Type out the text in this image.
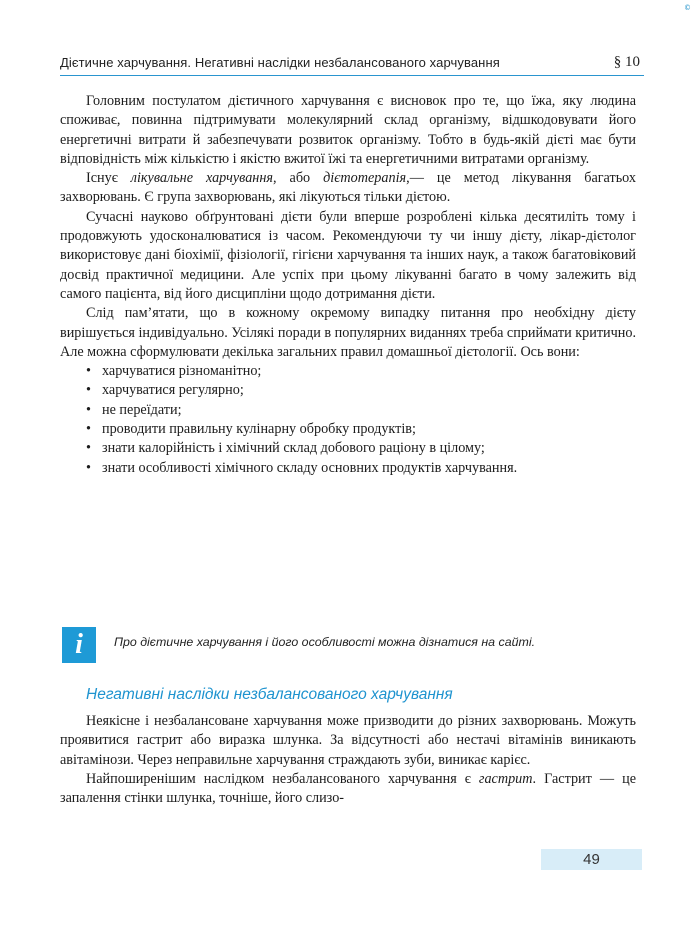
©
Дієтичне харчування. Негативні наслідки незбалансованого харчування	§ 10

Головним постулатом дієтичного харчування є висновок про те, що їжа, яку людина споживає, повинна підтримувати молекулярний склад організму, відшкодовувати його енергетичні витрати й забезпечувати розвиток організму. Тобто в будь-якій дієті має бути відповідність між кількістю і якістю вжитої їжі та енергетичними витратами організму.

Існує лікувальне харчування, або дієтотерапія,— це метод лікування багатьох захворювань. Є група захворювань, які лікуються тільки дієтою.

Сучасні науково обґрунтовані дієти були вперше розроблені кілька десятиліть тому і продовжують удосконалюватися із часом. Рекомендуючи ту чи іншу дієту, лікар-дієтолог використовує дані біохімії, фізіології, гігієни харчування та інших наук, а також багатовіковий досвід практичної медицини. Але успіх при цьому лікуванні багато в чому залежить від самого пацієнта, від його дисципліни щодо дотримання дієти.

Слід пам’ятати, що в кожному окремому випадку питання про необхідну дієту вирішується індивідуально. Усілякі поради в популярних виданнях треба сприймати критично. Але можна сформулювати декілька загальних правил домашньої дієтології. Ось вони:

• харчуватися різноманітно;
• харчуватися регулярно;
• не переїдати;
• проводити правильну кулінарну обробку продуктів;
• знати калорійність і хімічний склад добового раціону в цілому;
• знати особливості хімічного складу основних продуктів харчування.
i	Про дієтичне харчування і його особливості можна дізнатися на сайті.
Негативні наслідки незбалансованого харчування

Неякісне і незбалансоване харчування може призводити до різних захворювань. Можуть проявитися гастрит або виразка шлунка. За відсутності або нестачі вітамінів виникають авітамінози. Через неправильне харчування страждають зуби, виникає карієс.

Найпоширенішим наслідком незбалансованого харчування є гастрит. Гастрит — це запалення стінки шлунка, точніше, його слизо-

49
